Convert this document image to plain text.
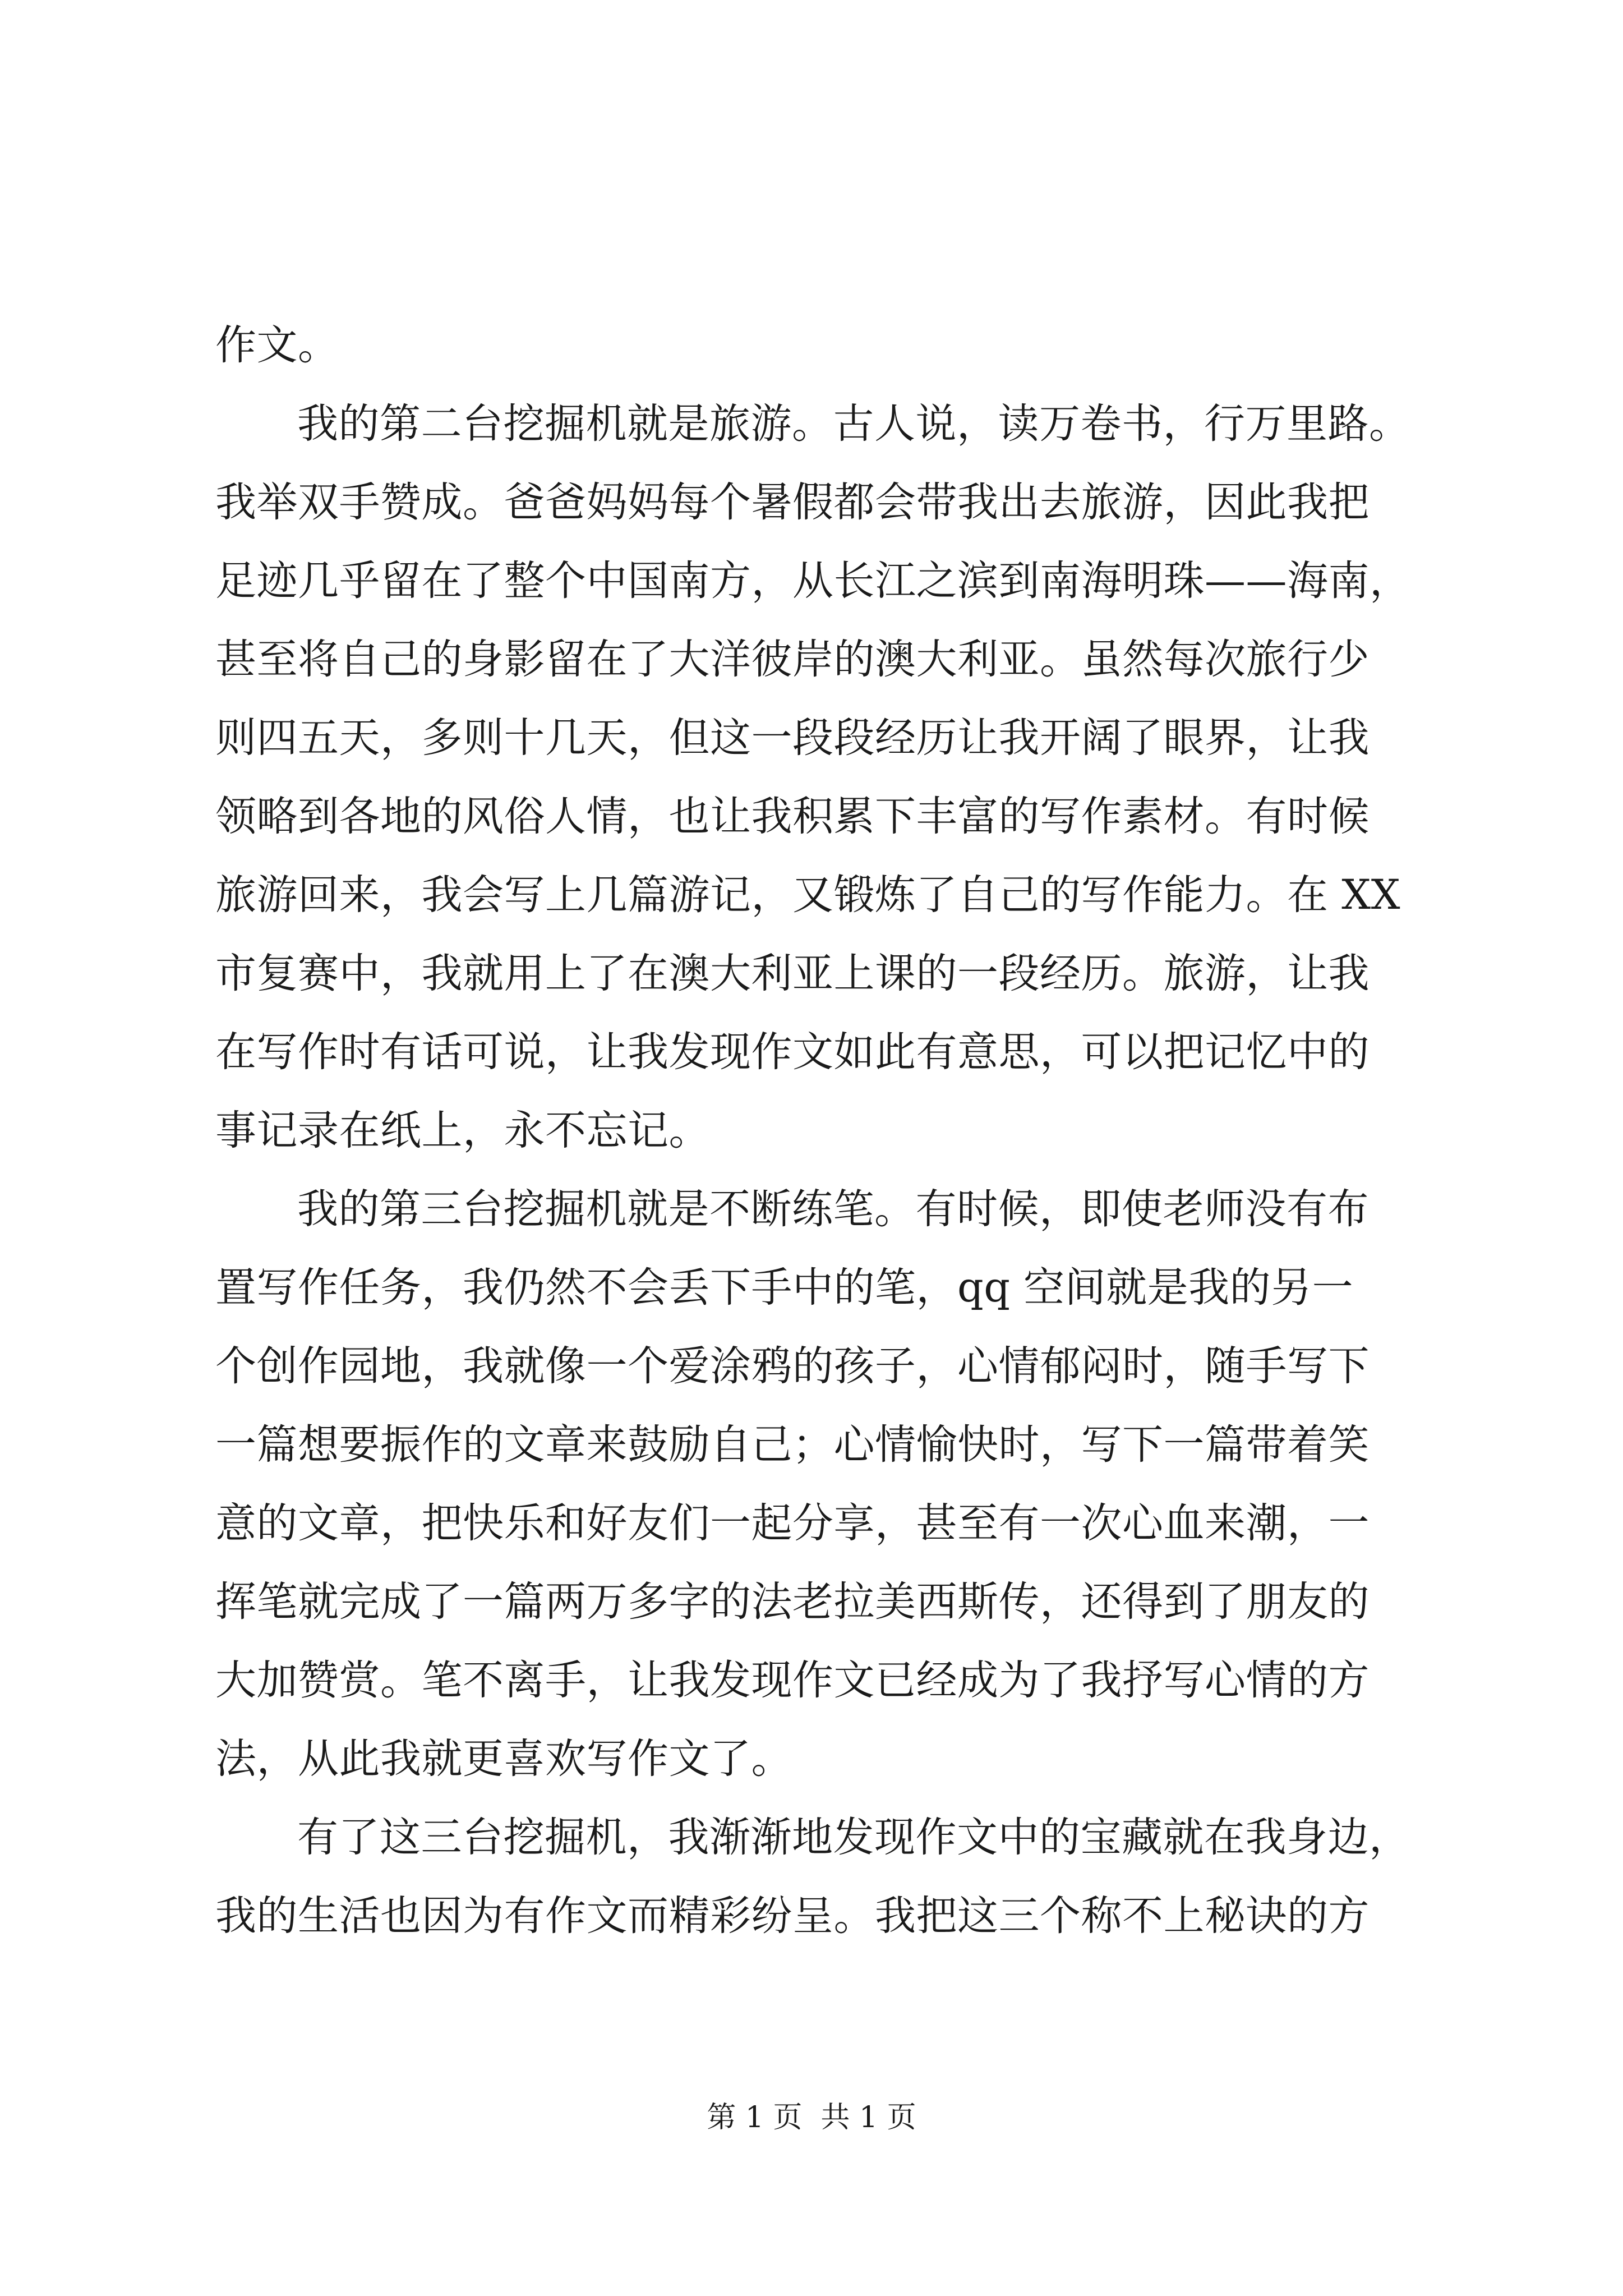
作文。
我的第二台挖掘机就是旅游。古人说，读万卷书，行万里路。
我举双手赞成。爸爸妈妈每个暑假都会带我出去旅游，因此我把
足迹几乎留在了整个中国南方，从长江之滨到南海明珠——海南，
甚至将自己的身影留在了大洋彼岸的澳大利亚。虽然每次旅行少
则四五天，多则十几天，但这一段段经历让我开阔了眼界，让我
领略到各地的风俗人情，也让我积累下丰富的写作素材。有时候
旅游回来，我会写上几篇游记，又锻炼了自己的写作能力。在 XX
市复赛中，我就用上了在澳大利亚上课的一段经历。旅游，让我
在写作时有话可说，让我发现作文如此有意思，可以把记忆中的
事记录在纸上，永不忘记。
我的第三台挖掘机就是不断练笔。有时候，即使老师没有布
置写作任务，我仍然不会丢下手中的笔，qq 空间就是我的另一
个创作园地，我就像一个爱涂鸦的孩子，心情郁闷时，随手写下
一篇想要振作的文章来鼓励自己；心情愉快时，写下一篇带着笑
意的文章，把快乐和好友们一起分享，甚至有一次心血来潮，一
挥笔就完成了一篇两万多字的法老拉美西斯传，还得到了朋友的
大加赞赏。笔不离手，让我发现作文已经成为了我抒写心情的方
法，从此我就更喜欢写作文了。
有了这三台挖掘机，我渐渐地发现作文中的宝藏就在我身边，
我的生活也因为有作文而精彩纷呈。我把这三个称不上秘诀的方
第 1 页  共 1 页
